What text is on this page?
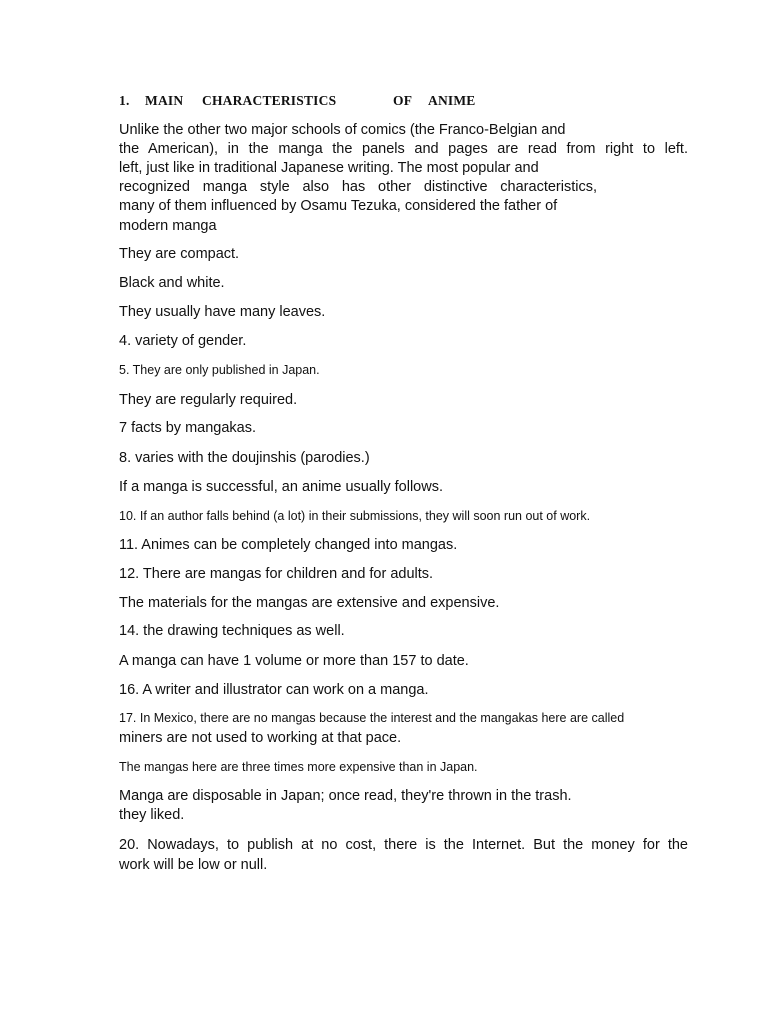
1. MAIN CHARACTERISTICS	OF ANIME
Unlike the other two major schools of comics (the Franco-Belgian and
the American), in the manga the panels and pages are read from right to left.
left, just like in traditional Japanese writing. The most popular and
recognized manga style also has other distinctive characteristics,
many of them influenced by Osamu Tezuka, considered the father of
modern manga
They are compact.
Black and white.
They usually have many leaves.
4. variety of gender.
5. They are only published in Japan.
They are regularly required.
7 facts by mangakas.
8. varies with the doujinshis (parodies.)
If a manga is successful, an anime usually follows.
10. If an author falls behind (a lot) in their submissions, they will soon run out of work.
11. Animes can be completely changed into mangas.
12. There are mangas for children and for adults.
The materials for the mangas are extensive and expensive.
14. the drawing techniques as well.
A manga can have 1 volume or more than 157 to date.
16. A writer and illustrator can work on a manga.
17. In Mexico, there are no mangas because the interest and the mangakas here are called
miners are not used to working at that pace.
The mangas here are three times more expensive than in Japan.
Manga are disposable in Japan; once read, they're thrown in the trash.
they liked.
20. Nowadays, to publish at no cost, there is the Internet. But the money for the
work will be low or null.
